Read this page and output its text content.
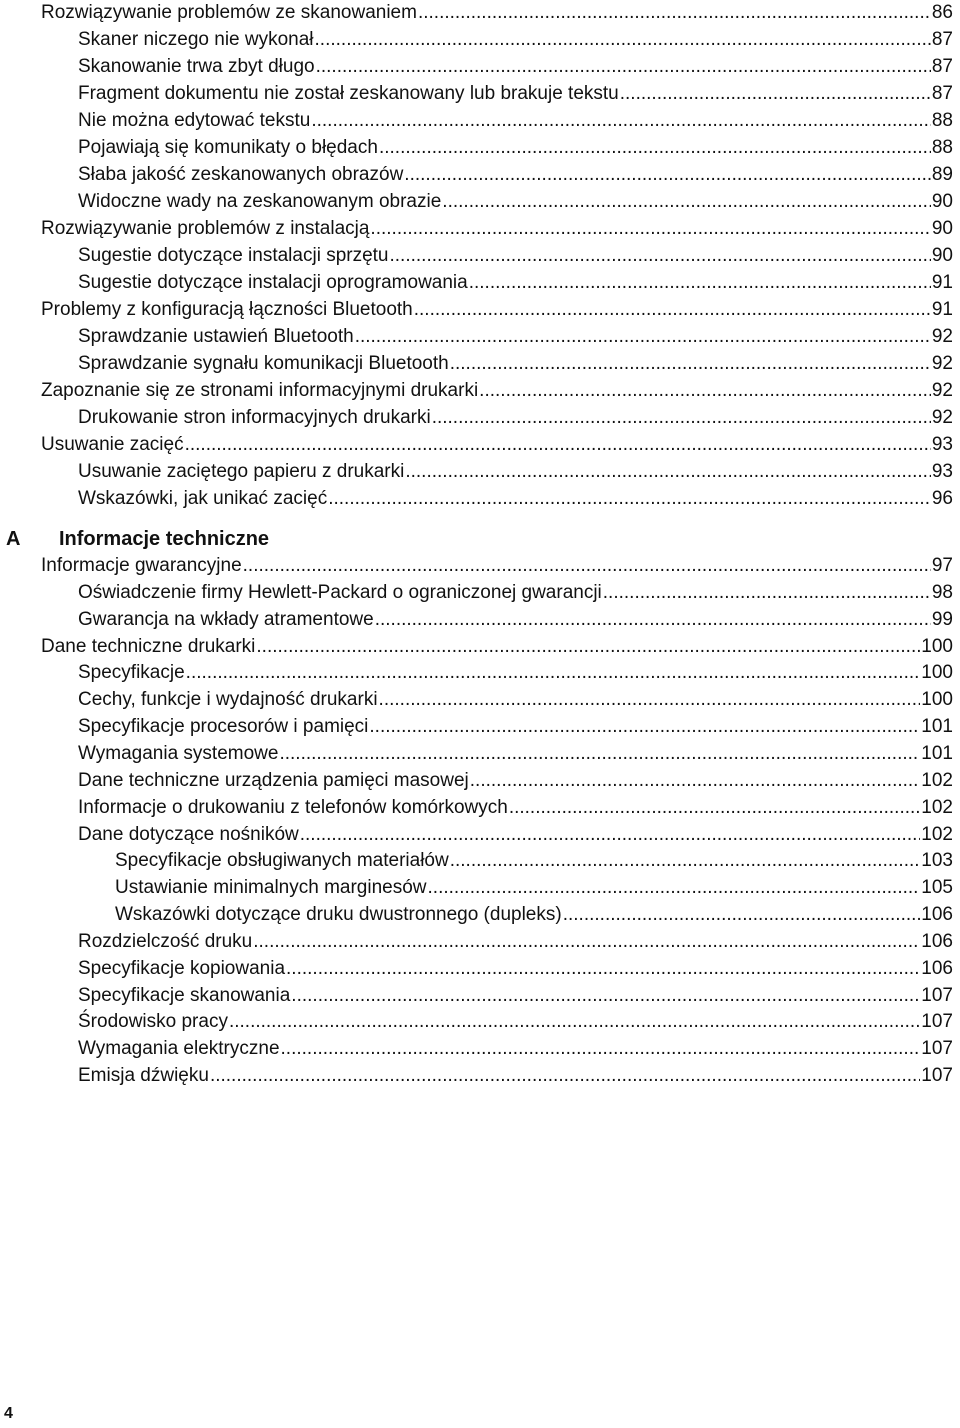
Rozwiązywanie problemów ze skanowaniem .....	86
Skaner niczego nie wykonał .....	87
Skanowanie trwa zbyt długo .....	87
Fragment dokumentu nie został zeskanowany lub brakuje tekstu .....	87
Nie można edytować tekstu .....	88
Pojawiają się komunikaty o błędach .....	88
Słaba jakość zeskanowanych obrazów .....	89
Widoczne wady na zeskanowanym obrazie .....	90
Rozwiązywanie problemów z instalacją .....	90
Sugestie dotyczące instalacji sprzętu .....	90
Sugestie dotyczące instalacji oprogramowania .....	91
Problemy z konfiguracją łączności Bluetooth .....	91
Sprawdzanie ustawień Bluetooth .....	92
Sprawdzanie sygnału komunikacji Bluetooth .....	92
Zapoznanie się ze stronami informacyjnymi drukarki .....	92
Drukowanie stron informacyjnych drukarki .....	92
Usuwanie zacięć .....	93
Usuwanie zaciętego papieru z drukarki .....	93
Wskazówki, jak unikać zacięć .....	96
A Informacje techniczne
Informacje gwarancyjne .....	97
Oświadczenie firmy Hewlett-Packard o ograniczonej gwarancji .....	98
Gwarancja na wkłady atramentowe .....	99
Dane techniczne drukarki .....	100
Specyfikacje .....	100
Cechy, funkcje i wydajność drukarki .....	100
Specyfikacje procesorów i pamięci .....	101
Wymagania systemowe .....	101
Dane techniczne urządzenia pamięci masowej .....	102
Informacje o drukowaniu z telefonów komórkowych .....	102
Dane dotyczące nośników .....	102
Specyfikacje obsługiwanych materiałów .....	103
Ustawianie minimalnych marginesów .....	105
Wskazówki dotyczące druku dwustronnego (dupleks) .....	106
Rozdzielczość druku .....	106
Specyfikacje kopiowania .....	106
Specyfikacje skanowania .....	107
Środowisko pracy .....	107
Wymagania elektryczne .....	107
Emisja dźwięku .....	107
4
